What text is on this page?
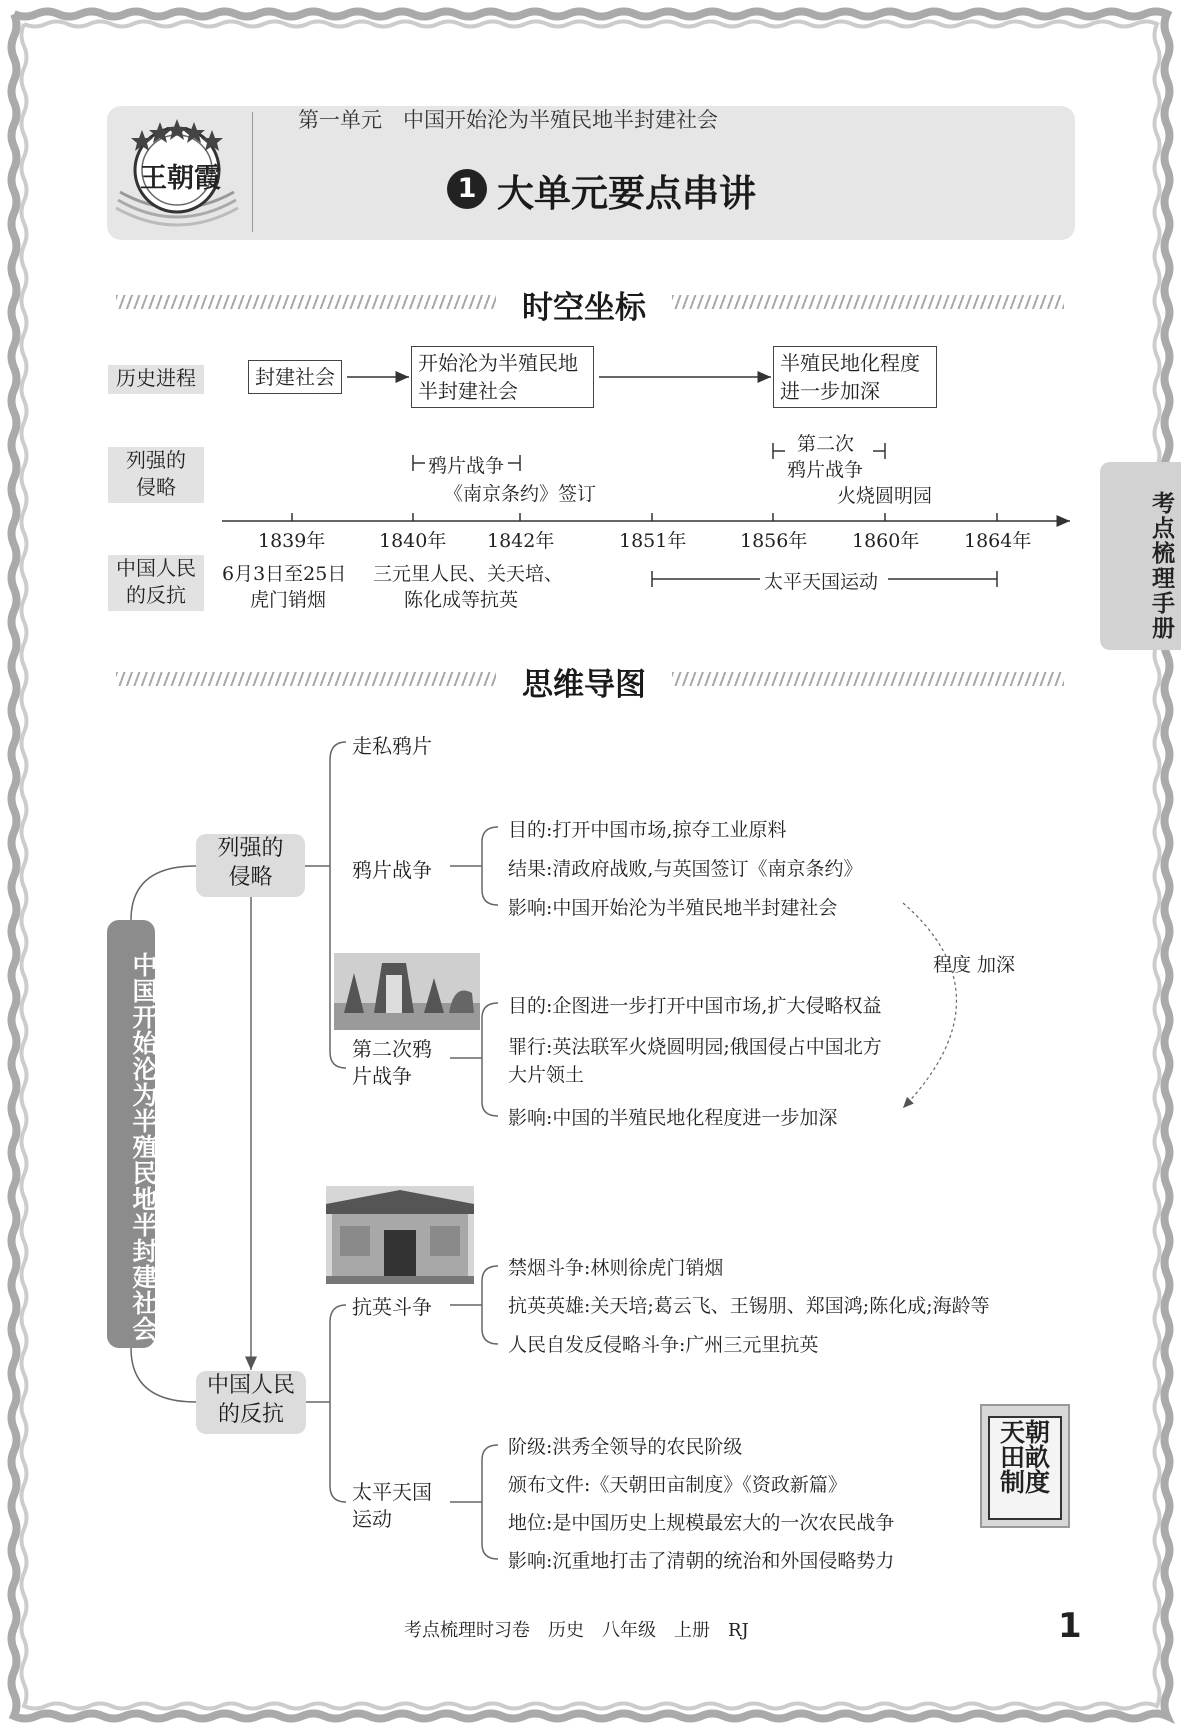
王朝霞
第一单元　中国开始沦为半殖民地半封建社会
1 大单元要点串讲
考点梳理手册
时空坐标
历史进程
列强的侵略
中国人民的反抗
封建社会
开始沦为半殖民地半封建社会
半殖民地化程度进一步加深
鸦片战争
《南京条约》签订
第二次
鸦片战争
火烧圆明园
1839年	1840年 1842年	1851年	1856年 1860年 1864年
6月3日至25日
虎门销烟
三元里人民、关天培、
陈化成等抗英
太平天国运动
思维导图
中国开始沦为半殖民地半封建社会
列强的
侵略
中国人民
的反抗
走私鸦片
鸦片战争
目的:打开中国市场,掠夺工业原料
结果:清政府战败,与英国签订《南京条约》
影响:中国开始沦为半殖民地半封建社会
第二次鸦
片战争
目的:企图进一步打开中国市场,扩大侵略权益
罪行:英法联军火烧圆明园;俄国侵占中国北方
大片领土
影响:中国的半殖民地化程度进一步加深
程度 加深
抗英斗争
禁烟斗争:林则徐虎门销烟
抗英英雄:关天培;葛云飞、王锡朋、郑国鸿;陈化成;海龄等
人民自发反侵略斗争:广州三元里抗英
太平天国
运动
阶级:洪秀全领导的农民阶级
颁布文件:《天朝田亩制度》《资政新篇》
地位:是中国历史上规模最宏大的一次农民战争
影响:沉重地打击了清朝的统治和外国侵略势力
天朝田畝制度
考点梳理时习卷　历史　八年级　上册　RJ	1
